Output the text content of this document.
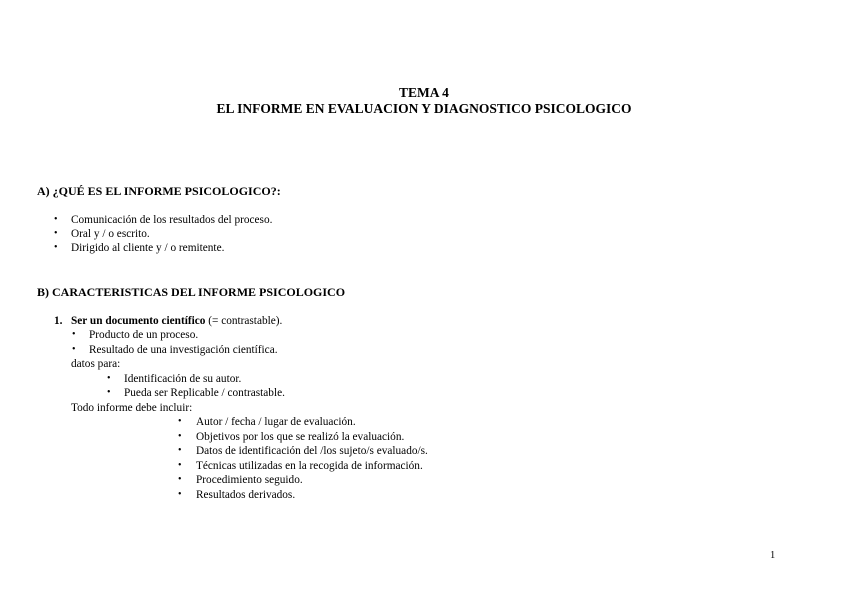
TEMA 4
EL INFORME EN EVALUACION Y DIAGNOSTICO PSICOLOGICO
A) ¿QUÉ ES EL INFORME PSICOLOGICO?:
• Comunicación de los resultados del proceso.
• Oral y / o escrito.
• Dirigido al cliente y / o remitente.
B) CARACTERISTICAS DEL INFORME PSICOLOGICO
1. Ser un documento científico (= contrastable).
• Producto de un proceso.
• Resultado de una investigación científica.
datos para:
• Identificación de su autor.
• Pueda ser Replicable / contrastable.
Todo informe debe incluir:
• Autor / fecha / lugar de evaluación.
• Objetivos por los que se realizó la evaluación.
• Datos de identificación del /los sujeto/s evaluado/s.
• Técnicas utilizadas en la recogida de información.
• Procedimiento seguido.
• Resultados derivados.
1
